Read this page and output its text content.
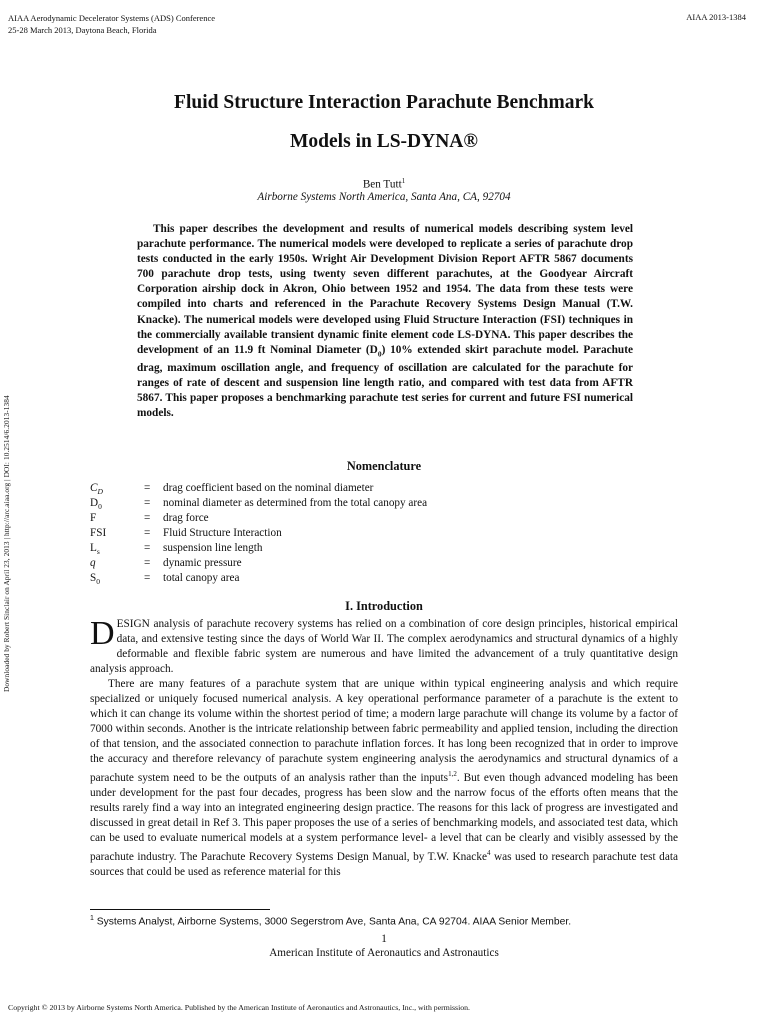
AIAA Aerodynamic Decelerator Systems (ADS) Conference
25-28 March 2013, Daytona Beach, Florida
AIAA 2013-1384
Downloaded by Robert Sinclair on April 23, 2013 | http://arc.aiaa.org | DOI: 10.2514/6.2013-1384
Fluid Structure Interaction Parachute Benchmark
Models in LS-DYNA®
Ben Tutt$^1$
Airborne Systems North America, Santa Ana, CA, 92704

This paper describes the development and results of numerical models describing system level parachute performance. The numerical models were developed to replicate a series of parachute drop tests conducted in the early 1950s. Wright Air Development Division Report AFTR 5867 documents 700 parachute drop tests, using twenty seven different parachutes, at the Goodyear Aircraft Corporation airship dock in Akron, Ohio between 1952 and 1954. The data from these tests were compiled into charts and referenced in the Parachute Recovery Systems Design Manual (T.W. Knacke). The numerical models were developed using Fluid Structure Interaction (FSI) techniques in the commercially available transient dynamic finite element code LS-DYNA. This paper describes the development of an 11.9 ft Nominal Diameter $(D_0)$ 10% extended skirt parachute model. Parachute drag, maximum oscillation angle, and frequency of oscillation are calculated for the parachute for ranges of rate of descent and suspension line length ratio, and compared with test data from AFTR 5867. This paper proposes a benchmarking parachute test series for current and future FSI numerical models.

Nomenclature
$C_D$	= drag coefficient based on the nominal diameter
$D_0$	= nominal diameter as determined from the total canopy area
F	= drag force
FSI	= Fluid Structure Interaction
$L_s$	= suspension line length
q	= dynamic pressure
$S_0$	= total canopy area
I. Introduction

DESIGN analysis of parachute recovery systems has relied on a combination of core design principles, historical empirical data, and extensive testing since the days of World War II. The complex aerodynamics and structural dynamics of a highly deformable and flexible fabric system are numerous and have limited the advancement of a truly quantitative design analysis approach.

There are many features of a parachute system that are unique within typical engineering analysis and which require specialized or uniquely focused numerical analysis. A key operational performance parameter of a parachute is the extent to which it can change its volume within the shortest period of time; a modern large parachute will change its volume by a factor of 7000 within seconds. Another is the intricate relationship between fabric permeability and applied tension, including the direction of that tension, and the associated connection to parachute inflation forces. It has long been recognized that in order to improve the accuracy and therefore relevancy of parachute system engineering analysis the aerodynamics and structural dynamics of a parachute system need to be the outputs of an analysis rather than the inputs$^{1,2}$. But even though advanced modeling has been under development for the past four decades, progress has been slow and the narrow focus of the efforts often means that the results rarely find a way into an integrated engineering design practice. The reasons for this lack of progress are investigated and discussed in great detail in Ref 3. This paper proposes the use of a series of benchmarking models, and associated test data, which can be used to evaluate numerical models at a system performance level- a level that can be clearly and visibly assessed by the parachute industry. The Parachute Recovery Systems Design Manual, by T.W. Knacke$^4$ was used to research parachute test data sources that could be used as reference material for this

$^1$ Systems Analyst, Airborne Systems, 3000 Segerstrom Ave, Santa Ana, CA 92704. AIAA Senior Member.
1
American Institute of Aeronautics and Astronautics
Copyright © 2013 by Airborne Systems North America. Published by the American Institute of Aeronautics and Astronautics, Inc., with permission.
